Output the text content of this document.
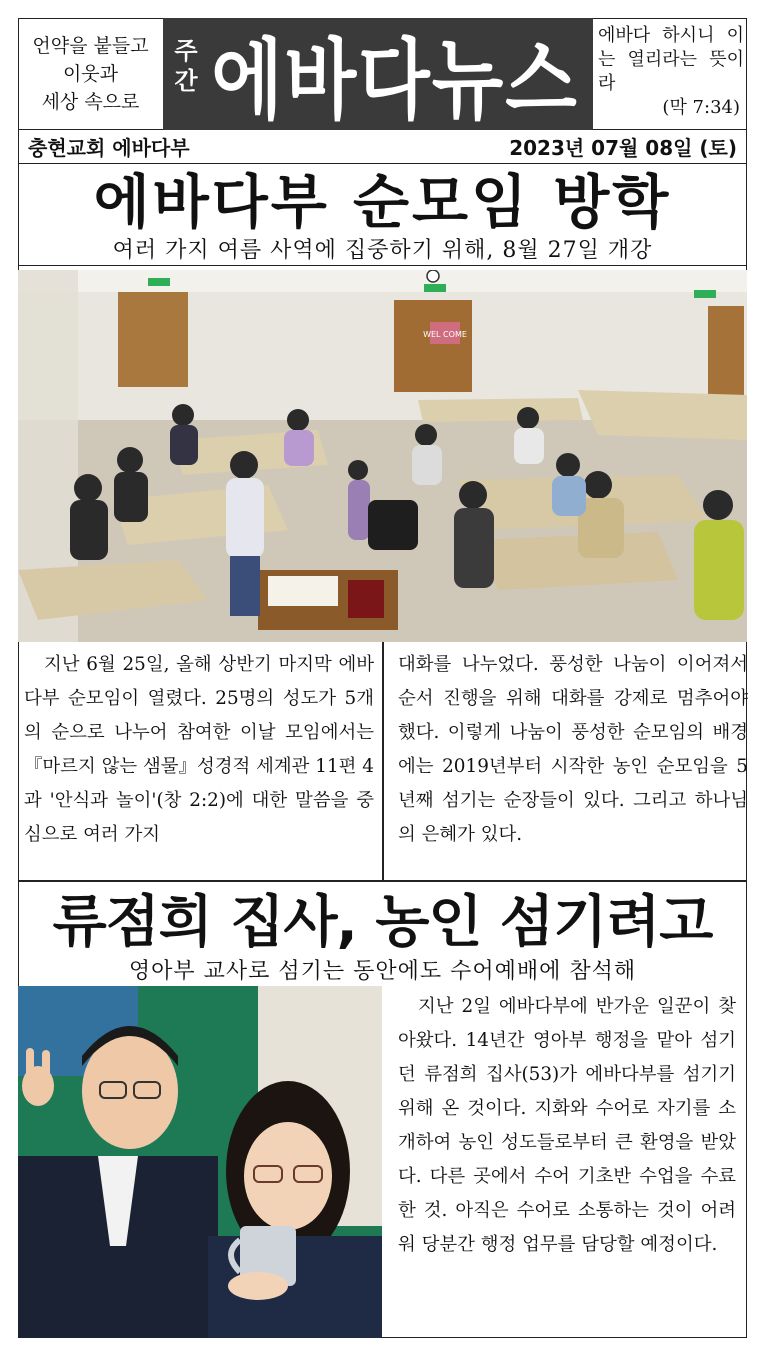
언약을 붙들고
이웃과
세상 속으로
주간 에바다뉴스	에바다 하시니 이는 열리라는 뜻이라
(막 7:34)
충현교회 에바다부	2023년 07월 08일 (토)
에바다부 순모임 방학
여러 가지 여름 사역에 집중하기 위해, 8월 27일 개강
WEL COME
지난 6월 25일, 올해 상반기 마지막 에바다부 순모임이 열렸다. 25명의 성도가 5개의 순으로 나누어 참여한 이날 모임에서는『마르지 않는 샘물』성경적 세계관 11편 4과 '안식과 놀이'(창 2:2)에 대한 말씀을 중심으로 여러 가지
대화를 나누었다. 풍성한 나눔이 이어져서 순서 진행을 위해 대화를 강제로 멈추어야 했다. 이렇게 나눔이 풍성한 순모임의 배경에는 2019년부터 시작한 농인 순모임을 5년째 섬기는 순장들이 있다. 그리고 하나님의 은혜가 있다.
류점희 집사, 농인 섬기려고
영아부 교사로 섬기는 동안에도 수어예배에 참석해
지난 2일 에바다부에 반가운 일꾼이 찾아왔다. 14년간 영아부 행정을 맡아 섬기던 류점희 집사(53)가 에바다부를 섬기기 위해 온 것이다. 지화와 수어로 자기를 소개하여 농인 성도들로부터 큰 환영을 받았다. 다른 곳에서 수어 기초반 수업을 수료한 것. 아직은 수어로 소통하는 것이 어려워 당분간 행정 업무를 담당할 예정이다.
